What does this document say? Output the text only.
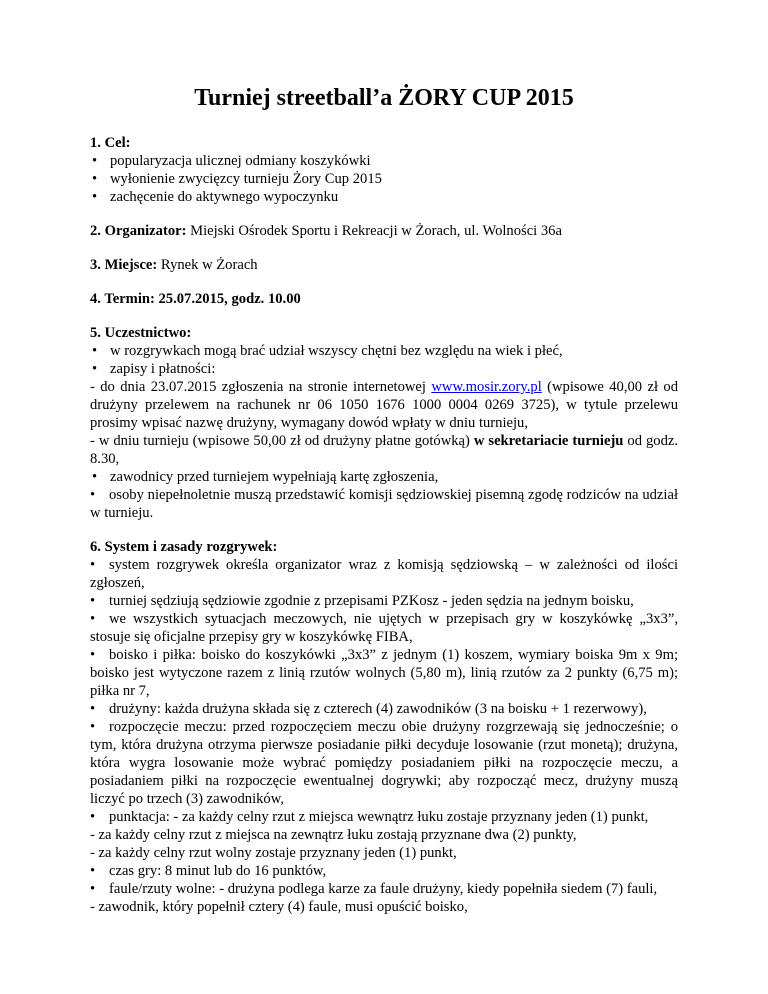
Turniej streetball’a ŻORY CUP 2015

1. Cel:

• popularyzacja ulicznej odmiany koszykówki

• wyłonienie zwycięzcy turnieju Żory Cup 2015

• zachęcenie do aktywnego wypoczynku

2. Organizator: Miejski Ośrodek Sportu i Rekreacji w Żorach, ul. Wolności 36a

3. Miejsce: Rynek w Żorach

4. Termin: 25.07.2015, godz. 10.00

5. Uczestnictwo:

• w rozgrywkach mogą brać udział wszyscy chętni bez względu na wiek i płeć,

• zapisy i płatności:

- do dnia 23.07.2015 zgłoszenia na stronie internetowej www.mosir.zory.pl (wpisowe 40,00 zł od drużyny przelewem na rachunek nr 06 1050 1676 1000 0004 0269 3725), w tytule przelewu prosimy wpisać nazwę drużyny, wymagany dowód wpłaty w dniu turnieju,

- w dniu turnieju (wpisowe 50,00 zł od drużyny płatne gotówką) w sekretariacie turnieju od godz. 8.30,

• zawodnicy przed turniejem wypełniają kartę zgłoszenia,

• osoby niepełnoletnie muszą przedstawić komisji sędziowskiej pisemną zgodę rodziców na udział w turnieju.

6. System i zasady rozgrywek:

• system rozgrywek określa organizator wraz z komisją sędziowską – w zależności od ilości zgłoszeń,

• turniej sędziują sędziowie zgodnie z przepisami PZKosz - jeden sędzia na jednym boisku,

• we wszystkich sytuacjach meczowych, nie ujętych w przepisach gry w koszykówkę „3x3”, stosuje się oficjalne przepisy gry w koszykówkę FIBA,

• boisko i piłka: boisko do koszykówki „3x3” z jednym (1) koszem, wymiary boiska 9m x 9m; boisko jest wytyczone razem z linią rzutów wolnych (5,80 m), linią rzutów za 2 punkty (6,75 m); piłka nr 7,

• drużyny: każda drużyna składa się z czterech (4) zawodników (3 na boisku + 1 rezerwowy),

• rozpoczęcie meczu: przed rozpoczęciem meczu obie drużyny rozgrzewają się jednocześnie; o tym, która drużyna otrzyma pierwsze posiadanie piłki decyduje losowanie (rzut monetą); drużyna, która wygra losowanie może wybrać pomiędzy posiadaniem piłki na rozpoczęcie meczu, a posiadaniem piłki na rozpoczęcie ewentualnej dogrywki; aby rozpocząć mecz, drużyny muszą liczyć po trzech (3) zawodników,

• punktacja: - za każdy celny rzut z miejsca wewnątrz łuku zostaje przyznany jeden (1) punkt,

- za każdy celny rzut z miejsca na zewnątrz łuku zostają przyznane dwa (2) punkty,

- za każdy celny rzut wolny zostaje przyznany jeden (1) punkt,

• czas gry: 8 minut lub do 16 punktów,

• faule/rzuty wolne: - drużyna podlega karze za faule drużyny, kiedy popełniła siedem (7) fauli,

- zawodnik, który popełnił cztery (4) faule, musi opuścić boisko,
